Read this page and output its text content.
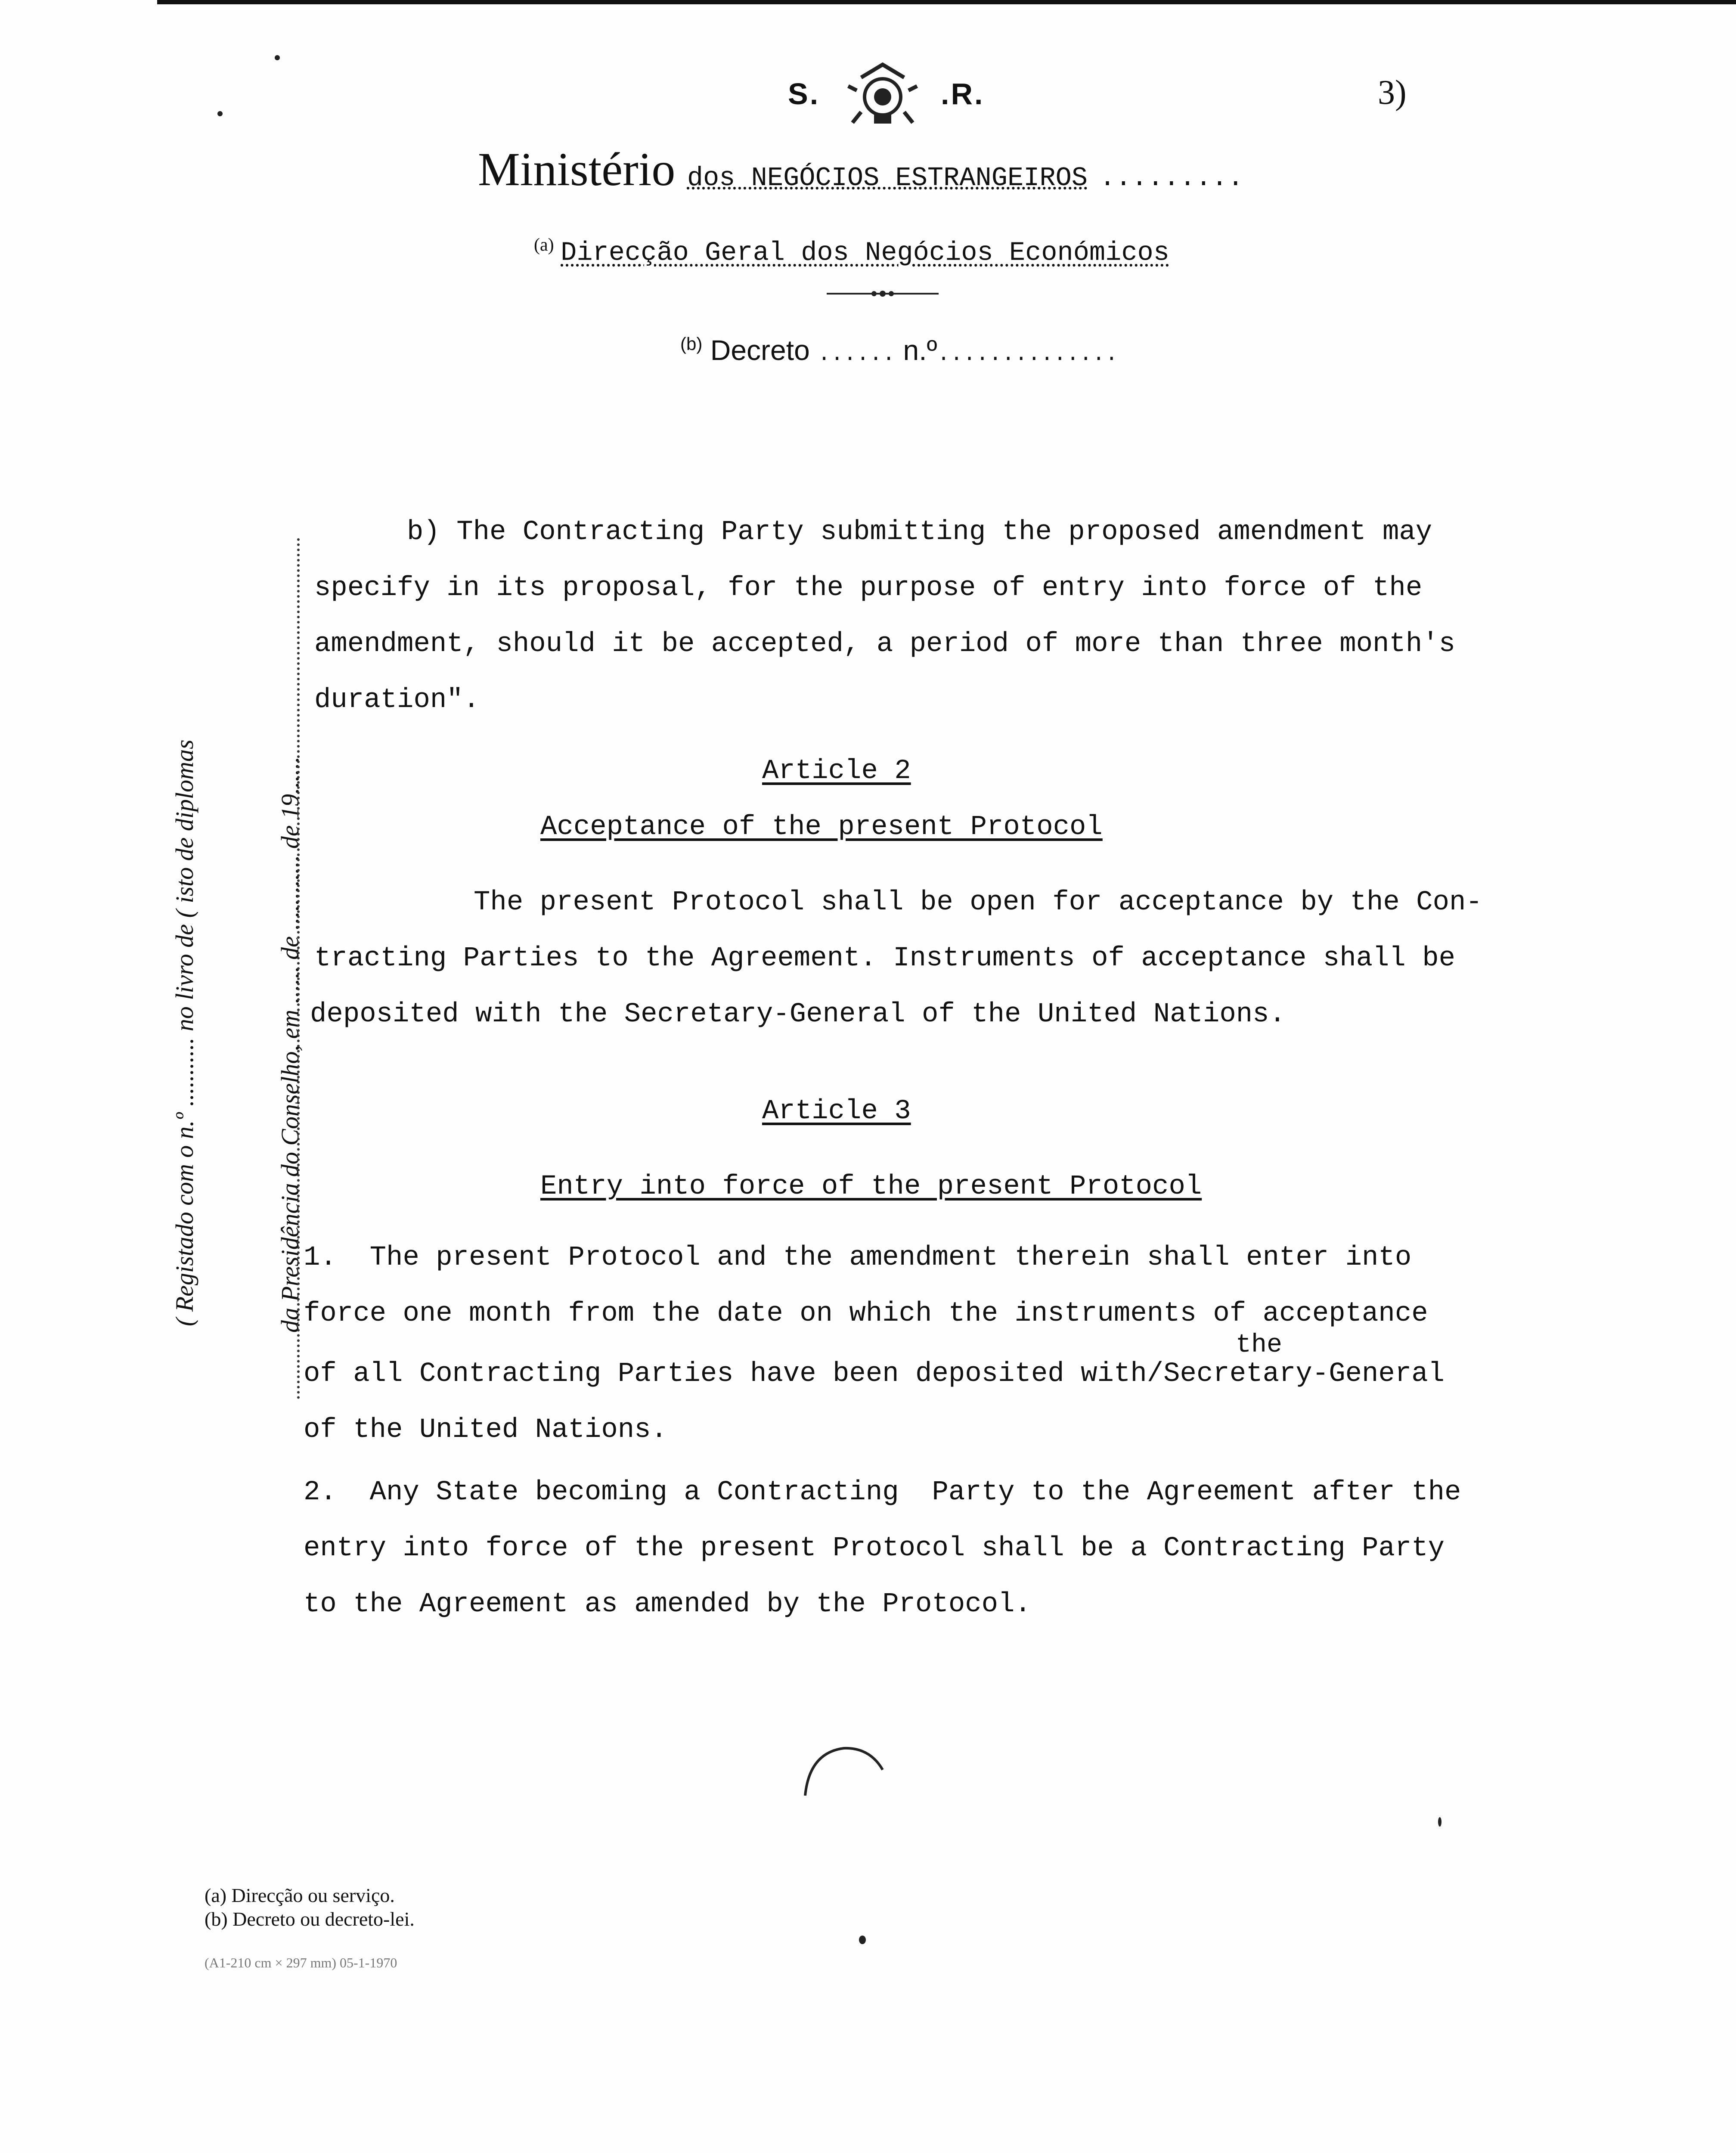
S.	.R.	3)
Ministério dos NEGÓCIOS ESTRANGEIROS .........
$^{(a)}$ Direcção Geral dos Negócios Económicos
$^{(b)}$ Decreto ...... n.º..............
( Registado com o n.º ........... no livro de ( isto de diplomas	da Presidência do Conselho, em ...... de ............ de 19......
b) The Contracting Party submitting the proposed amendment may
specify in its proposal, for the purpose of entry into force of the
amendment, should it be accepted, a period of more than three month's
duration".
Article 2
Acceptance of the present Protocol
The present Protocol shall be open for acceptance by the Con-
tracting Parties to the Agreement. Instruments of acceptance shall be
deposited with the Secretary-General of the United Nations.
Article 3
Entry into force of the present Protocol
1.  The present Protocol and the amendment therein shall enter into
force one month from the date on which the instruments of acceptance
the
of all Contracting Parties have been deposited with/Secretary-General
of the United Nations.
2.  Any State becoming a Contracting  Party to the Agreement after the
entry into force of the present Protocol shall be a Contracting Party
to the Agreement as amended by the Protocol.
(a) Direcção ou serviço.
(b) Decreto ou decreto-lei.
(A1-210 cm × 297 mm) 05-1-1970
